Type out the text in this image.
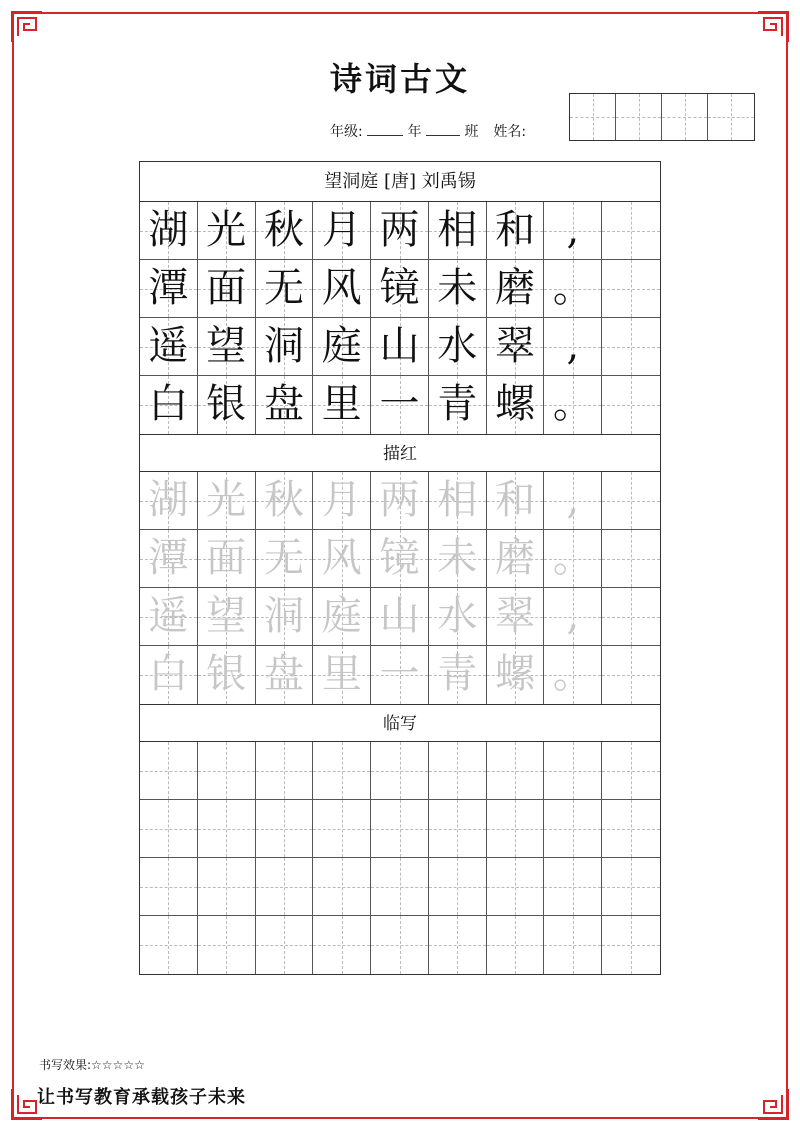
诗词古文
年级:	年	班 姓名:
望洞庭 [唐] 刘禹锡
湖 光 秋 月 两 相 和 ,
潭 面 无 风 镜 未 磨 。
遥 望 洞 庭 山 水 翠 ,
白 银 盘 里 一 青 螺 。
描红
湖 光 秋 月 两 相 和 ,
潭 面 无 风 镜 未 磨 。
遥 望 洞 庭 山 水 翠 ,
白 银 盘 里 一 青 螺 。
临写
书写效果:☆☆☆☆☆
让书写教育承载孩子未来
